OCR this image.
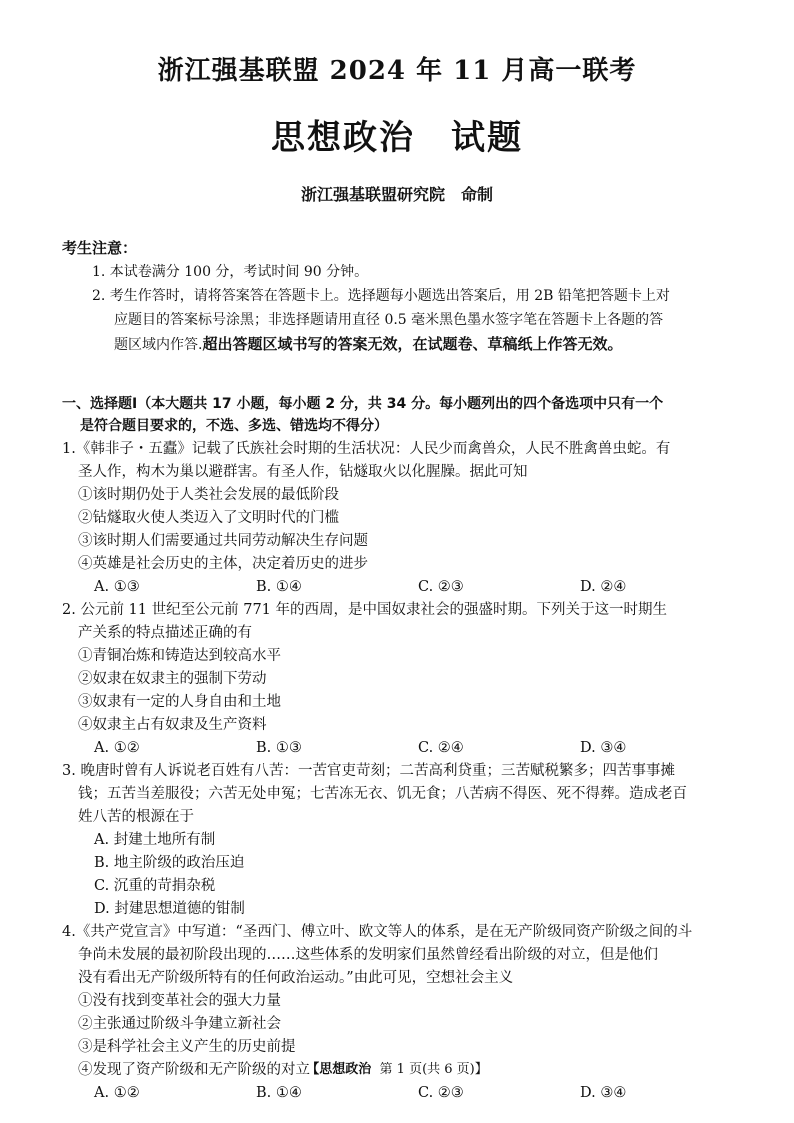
浙江强基联盟 2024 年 11 月高一联考
思想政治　试题
浙江强基联盟研究院　命制
考生注意：
1. 本试卷满分 100 分，考试时间 90 分钟。
2. 考生作答时，请将答案答在答题卡上。选择题每小题选出答案后，用 2B 铅笔把答题卡上对
应题目的答案标号涂黑；非选择题请用直径 0.5 毫米黑色墨水签字笔在答题卡上各题的答
题区域内作答.超出答题区域书写的答案无效，在试题卷、草稿纸上作答无效。
一、选择题Ⅰ（本大题共 17 小题，每小题 2 分，共 34 分。每小题列出的四个备选项中只有一个
是符合题目要求的，不选、多选、错选均不得分）
1.《韩非子・五蠹》记载了氏族社会时期的生活状况：人民少而禽兽众，人民不胜禽兽虫蛇。有
圣人作，构木为巢以避群害。有圣人作，钻燧取火以化腥臊。据此可知
①该时期仍处于人类社会发展的最低阶段
②钻燧取火使人类迈入了文明时代的门槛
③该时期人们需要通过共同劳动解决生存问题
④英雄是社会历史的主体，决定着历史的进步
A. ①③	B. ①④	C. ②③	D. ②④
2. 公元前 11 世纪至公元前 771 年的西周，是中国奴隶社会的强盛时期。下列关于这一时期生
产关系的特点描述正确的有
①青铜冶炼和铸造达到较高水平
②奴隶在奴隶主的强制下劳动
③奴隶有一定的人身自由和土地
④奴隶主占有奴隶及生产资料
A. ①②	B. ①③	C. ②④	D. ③④
3. 晚唐时曾有人诉说老百姓有八苦：一苦官吏苛刻；二苦高利贷重；三苦赋税繁多；四苦事事摊
钱；五苦当差服役；六苦无处申冤；七苦冻无衣、饥无食；八苦病不得医、死不得葬。造成老百
姓八苦的根源在于
A. 封建土地所有制
B. 地主阶级的政治压迫
C. 沉重的苛捐杂税
D. 封建思想道德的钳制
4.《共产党宣言》中写道：“圣西门、傅立叶、欧文等人的体系，是在无产阶级同资产阶级之间的斗
争尚未发展的最初阶段出现的……这些体系的发明家们虽然曾经看出阶级的对立，但是他们
没有看出无产阶级所特有的任何政治运动。”由此可见，空想社会主义
①没有找到变革社会的强大力量
②主张通过阶级斗争建立新社会
③是科学社会主义产生的历史前提
④发现了资产阶级和无产阶级的对立
A. ①②	B. ①④	C. ②③	D. ③④
【思想政治 第 1 页(共 6 页)】
